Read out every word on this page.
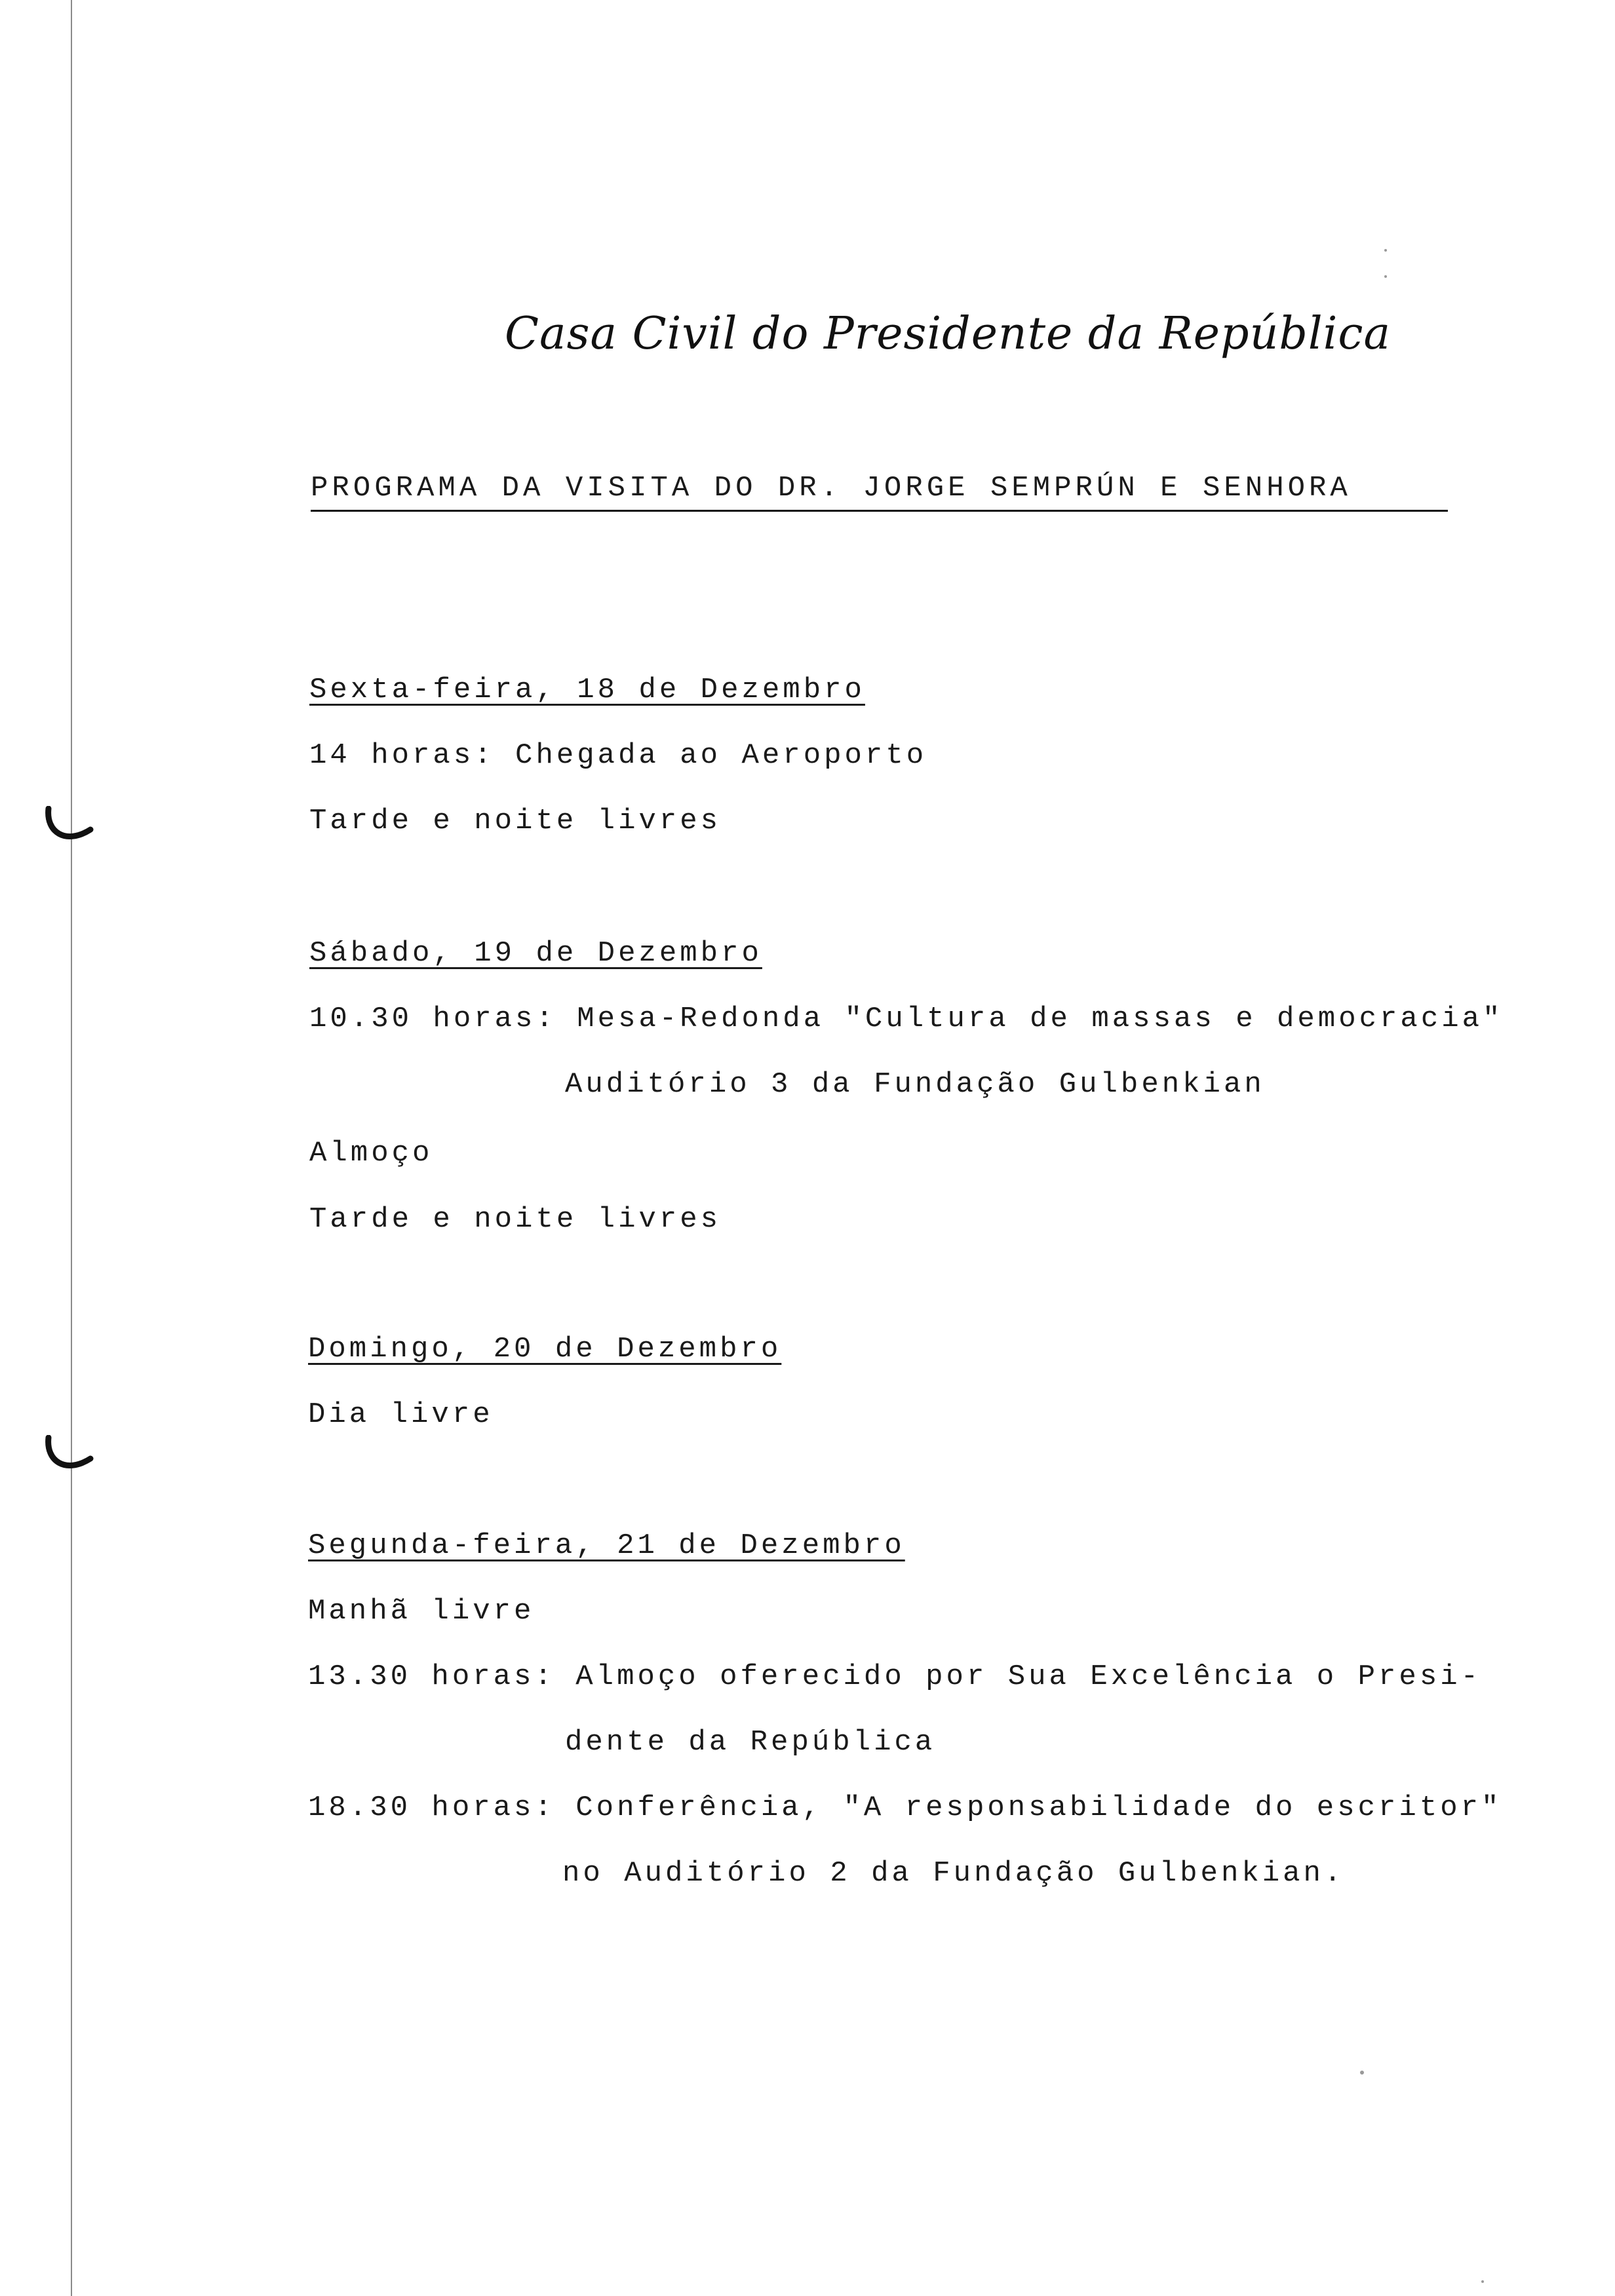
Casa Civil do Presidente da República
PROGRAMA DA VISITA DO DR. JORGE SEMPRÚN E SENHORA
Sexta-feira, 18 de Dezembro
14 horas: Chegada ao Aeroporto
Tarde e noite livres
Sábado, 19 de Dezembro
10.30 horas: Mesa-Redonda "Cultura de massas e democracia"
Auditório 3 da Fundação Gulbenkian
Almoço
Tarde e noite livres
Domingo, 20 de Dezembro
Dia livre
Segunda-feira, 21 de Dezembro
Manhã livre
13.30 horas: Almoço oferecido por Sua Excelência o Presi-
dente da República
18.30 horas: Conferência, "A responsabilidade do escritor"
no Auditório 2 da Fundação Gulbenkian.
